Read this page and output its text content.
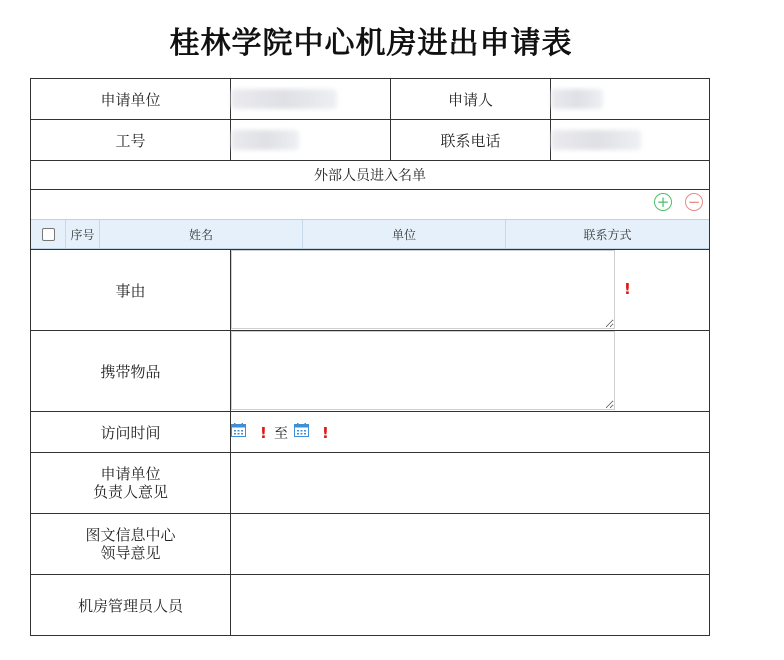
桂林学院中心机房进出申请表
申请单位	申请人
工号	联系电话
外部人员进入名单
+ −
序号	姓名	单位	联系方式
事由	!
携带物品
访问时间	! 至 !
申请单位
负责人意见
图文信息中心
领导意见
机房管理员人员
